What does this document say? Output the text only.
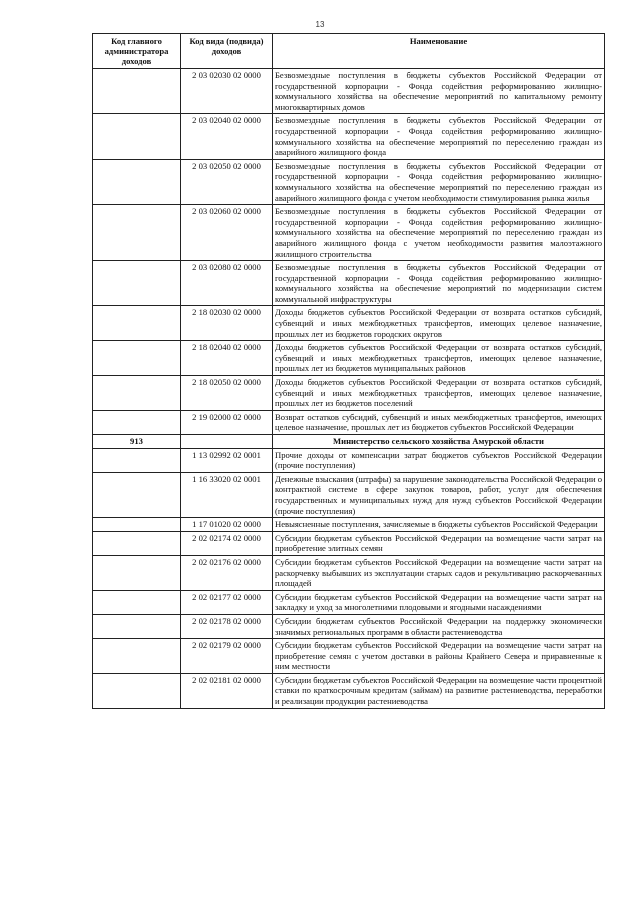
13
Код главного администратора доходов	Код вида (подвида) доходов	Наименование
	2 03 02030 02 0000	Безвозмездные поступления в бюджеты субъектов Российской Федерации от государственной корпорации - Фонда содействия реформированию жилищно-коммунального хозяйства на обеспечение мероприятий по капитальному ремонту многоквартирных домов
	2 03 02040 02 0000	Безвозмездные поступления в бюджеты субъектов Российской Федерации от государственной корпорации - Фонда содействия реформированию жилищно-коммунального хозяйства на обеспечение мероприятий по переселению граждан из аварийного жилищного фонда
	2 03 02050 02 0000	Безвозмездные поступления в бюджеты субъектов Российской Федерации от государственной корпорации - Фонда содействия реформированию жилищно-коммунального хозяйства на обеспечение мероприятий по переселению граждан из аварийного жилищного фонда с учетом необходимости стимулирования рынка жилья
	2 03 02060 02 0000	Безвозмездные поступления в бюджеты субъектов Российской Федерации от государственной корпорации - Фонда содействия реформированию жилищно-коммунального хозяйства на обеспечение мероприятий по переселению граждан из аварийного жилищного фонда с учетом необходимости развития малоэтажного жилищного строительства
	2 03 02080 02 0000	Безвозмездные поступления в бюджеты субъектов Российской Федерации от государственной корпорации - Фонда содействия реформированию жилищно-коммунального хозяйства на обеспечение мероприятий по модернизации систем коммунальной инфраструктуры
	2 18 02030 02 0000	Доходы бюджетов субъектов Российской Федерации от возврата остатков субсидий, субвенций и иных межбюджетных трансфертов, имеющих целевое назначение, прошлых лет из бюджетов городских округов
	2 18 02040 02 0000	Доходы бюджетов субъектов Российской Федерации от возврата остатков субсидий, субвенций и иных межбюджетных трансфертов, имеющих целевое назначение, прошлых лет из бюджетов муниципальных районов
	2 18 02050 02 0000	Доходы бюджетов субъектов Российской Федерации от возврата остатков субсидий, субвенций и иных межбюджетных трансфертов, имеющих целевое назначение, прошлых лет из бюджетов поселений
	2 19 02000 02 0000	Возврат остатков субсидий, субвенций и иных межбюджетных трансфертов, имеющих целевое назначение, прошлых лет из бюджетов субъектов Российской Федерации
913		Министерство сельского хозяйства Амурской области
	1 13 02992 02 0001	Прочие доходы от компенсации затрат бюджетов субъектов Российской Федерации (прочие поступления)
	1 16 33020 02 0001	Денежные взыскания (штрафы) за нарушение законодательства Российской Федерации о контрактной системе в сфере закупок товаров, работ, услуг для обеспечения государственных и муниципальных нужд для нужд субъектов Российской Федерации (прочие поступления)
	1 17 01020 02 0000	Невыясненные поступления, зачисляемые в бюджеты субъектов Российской Федерации
	2 02 02174 02 0000	Субсидии бюджетам субъектов Российской Федерации на возмещение части затрат на приобретение элитных семян
	2 02 02176 02 0000	Субсидии бюджетам субъектов Российской Федерации на возмещение части затрат на раскорчевку выбывших из эксплуатации старых садов и рекультивацию раскорчеванных площадей
	2 02 02177 02 0000	Субсидии бюджетам субъектов Российской Федерации на возмещение части затрат на закладку и уход за многолетними плодовыми и ягодными насаждениями
	2 02 02178 02 0000	Субсидии бюджетам субъектов Российской Федерации на поддержку экономически значимых региональных программ в области растениеводства
	2 02 02179 02 0000	Субсидии бюджетам субъектов Российской Федерации на возмещение части затрат на приобретение семян с учетом доставки в районы Крайнего Севера и приравненные к ним местности
	2 02 02181 02 0000	Субсидии бюджетам субъектов Российской Федерации на возмещение части процентной ставки по краткосрочным кредитам (займам) на развитие растениеводства, переработки и реализации продукции растениеводства
